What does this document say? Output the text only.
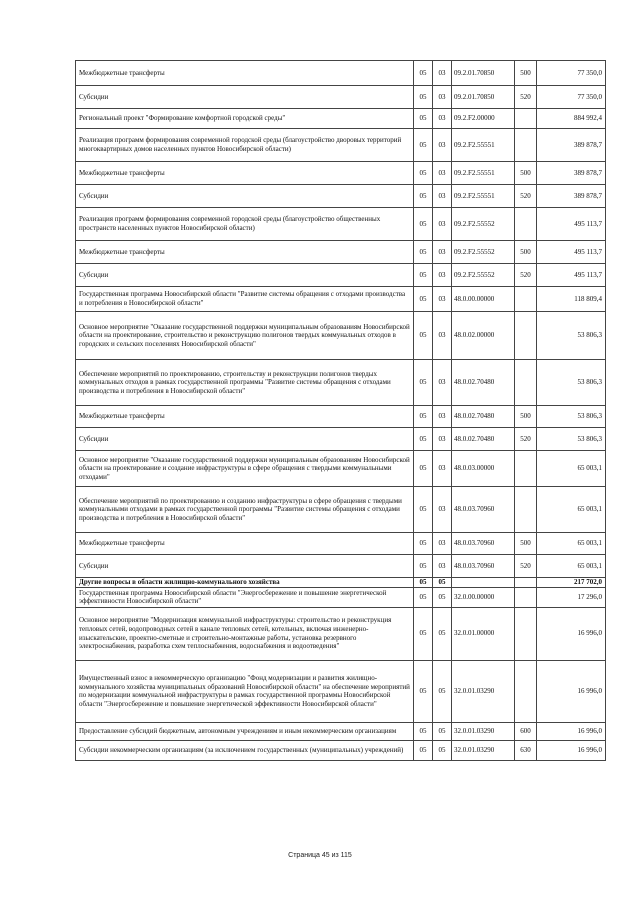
Межбюджетные трансферты	05	03	09.2.01.70850	500	77 350,0
Субсидии	05	03	09.2.01.70850	520	77 350,0
Региональный проект "Формирование комфортной городской среды"	05	03	09.2.F2.00000		884 992,4
Реализация программ формирования современной городской среды (благоустройство дворовых территорий многоквартирных домов населенных пунктов Новосибирской области)	05	03	09.2.F2.55551		389 878,7
Межбюджетные трансферты	05	03	09.2.F2.55551	500	389 878,7
Субсидии	05	03	09.2.F2.55551	520	389 878,7
Реализация программ формирования современной городской среды (благоустройство общественных пространств населенных пунктов Новосибирской области)	05	03	09.2.F2.55552		495 113,7
Межбюджетные трансферты	05	03	09.2.F2.55552	500	495 113,7
Субсидии	05	03	09.2.F2.55552	520	495 113,7
Государственная программа Новосибирской области "Развитие системы обращения с отходами производства и потребления в Новосибирской области"	05	03	48.0.00.00000		118 809,4
Основное мероприятие "Оказание государственной поддержки муниципальным образованиям Новосибирской области на проектирование, строительство и реконструкцию полигонов твердых коммунальных отходов в городских и сельских поселениях Новосибирской области"	05	03	48.0.02.00000		53 806,3
Обеспечение мероприятий по проектированию, строительству и реконструкции полигонов твердых коммунальных отходов в рамках государственной программы "Развитие системы обращения с отходами производства и потребления в Новосибирской области"	05	03	48.0.02.70480		53 806,3
Межбюджетные трансферты	05	03	48.0.02.70480	500	53 806,3
Субсидии	05	03	48.0.02.70480	520	53 806,3
Основное мероприятие "Оказание государственной поддержки муниципальным образованиям Новосибирской области на проектирование и создание инфраструктуры в сфере обращения с твердыми коммунальными отходами"	05	03	48.0.03.00000		65 003,1
Обеспечение мероприятий по проектированию и созданию инфраструктуры в сфере обращения с твердыми коммунальными отходами в рамках государственной программы "Развитие системы обращения с отходами производства и потребления в Новосибирской области"	05	03	48.0.03.70960		65 003,1
Межбюджетные трансферты	05	03	48.0.03.70960	500	65 003,1
Субсидии	05	03	48.0.03.70960	520	65 003,1
Другие вопросы в области жилищно-коммунального хозяйства	05	05			217 702,0
Государственная программа Новосибирской области "Энергосбережение и повышение энергетической эффективности Новосибирской области"	05	05	32.0.00.00000		17 296,0
Основное мероприятие "Модернизация коммунальной инфраструктуры: строительство и реконструкция тепловых сетей, водопроводных сетей в канале тепловых сетей, котельных, включая инженерно-изыскательские, проектно-сметные и строительно-монтажные работы, установка резервного электроснабжения, разработка схем теплоснабжения, водоснабжения и водоотведения"	05	05	32.0.01.00000		16 996,0
Имущественный взнос в некоммерческую организацию "Фонд модернизации и развития жилищно-коммунального хозяйства муниципальных образований Новосибирской области" на обеспечение мероприятий по модернизации коммунальной инфраструктуры в рамках государственной программы Новосибирской области "Энергосбережение и повышение энергетической эффективности Новосибирской области"	05	05	32.0.01.03290		16 996,0
Предоставление субсидий бюджетным, автономным учреждениям и иным некоммерческим организациям	05	05	32.0.01.03290	600	16 996,0
Субсидии некоммерческим организациям (за исключением государственных (муниципальных) учреждений)	05	05	32.0.01.03290	630	16 996,0
Страница 45 из 115
